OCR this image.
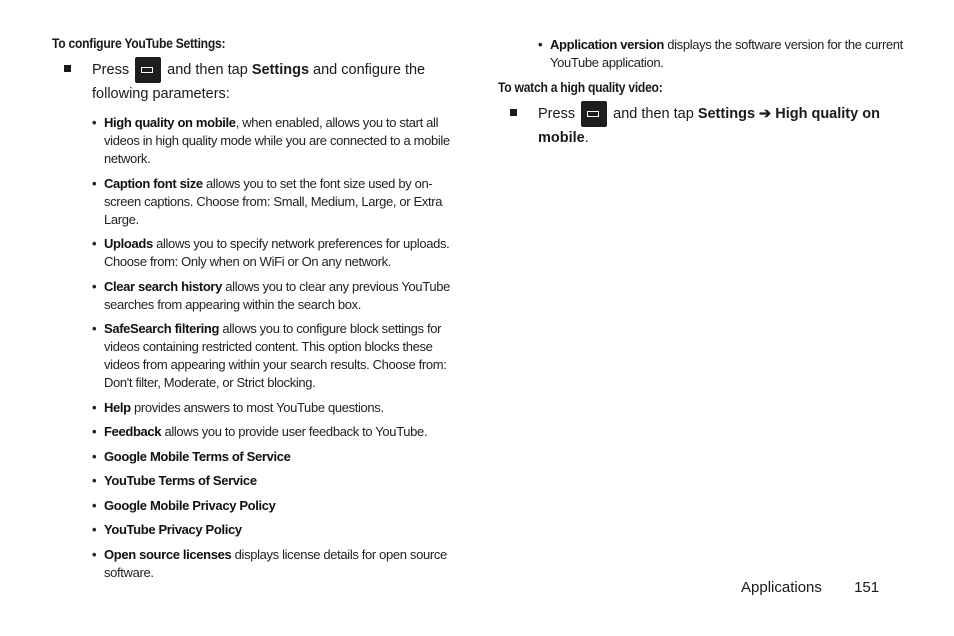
To configure YouTube Settings:

Press	and then tap Settings and configure the following parameters:
• High quality on mobile, when enabled, allows you to start all videos in high quality mode while you are connected to a mobile network.
• Caption font size allows you to set the font size used by on-screen captions. Choose from: Small, Medium, Large, or Extra Large.
• Uploads allows you to specify network preferences for uploads. Choose from: Only when on WiFi or On any network.
• Clear search history allows you to clear any previous YouTube searches from appearing within the search box.
• SafeSearch filtering allows you to configure block settings for videos containing restricted content. This option blocks these videos from appearing within your search results. Choose from: Don't filter, Moderate, or Strict blocking.
• Help provides answers to most YouTube questions.
• Feedback allows you to provide user feedback to YouTube.
• Google Mobile Terms of Service
• YouTube Terms of Service
• Google Mobile Privacy Policy
• YouTube Privacy Policy
• Open source licenses displays license details for open source software.
• Application version displays the software version for the current YouTube application.

To watch a high quality video:

Press	and then tap Settings ➔ High quality on mobile.
Applications 151
